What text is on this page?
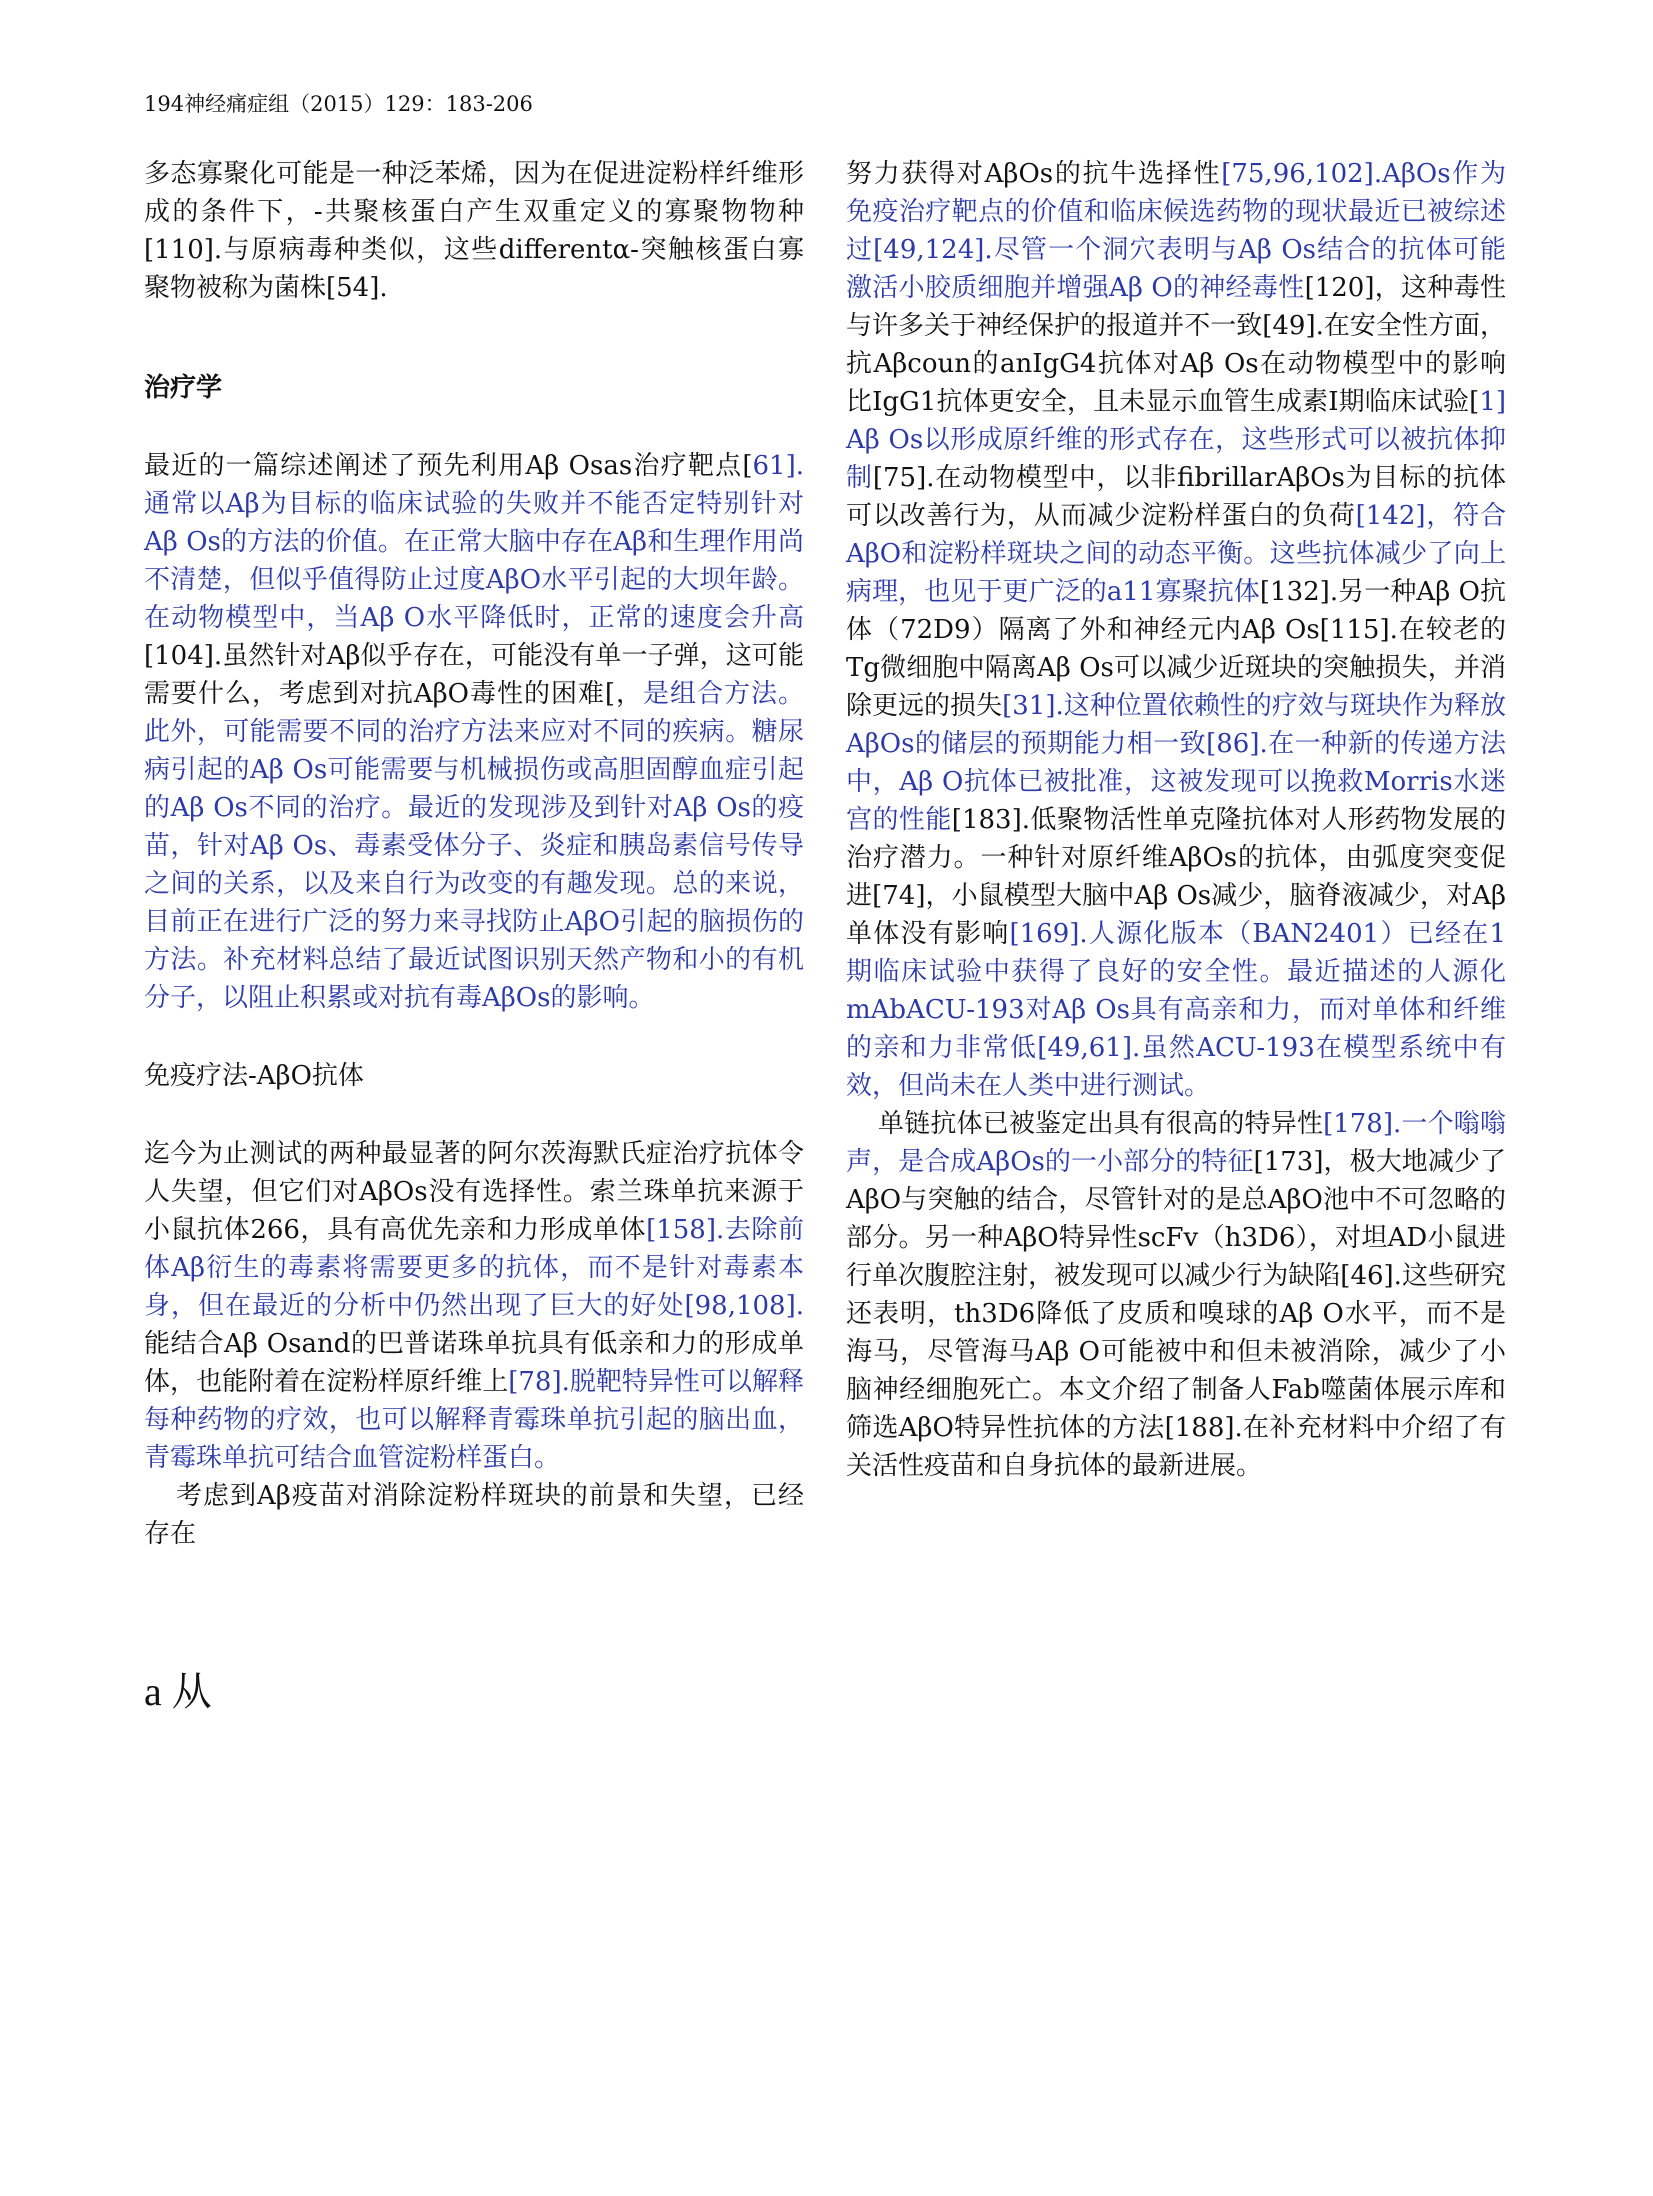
194神经痛症组（2015）129：183-206

多态寡聚化可能是一种泛苯烯，因为在促进淀粉样纤维形成的条件下，-共聚核蛋白产生双重定义的寡聚物物种[110].与原病毒种类似，这些differentα-突触核蛋白寡聚物被称为菌株[54].

治疗学

最近的一篇综述阐述了预先利用Aβ Osas治疗靶点[61].通常以Aβ为目标的临床试验的失败并不能否定特别针对Aβ Os的方法的价值。在正常大脑中存在Aβ和生理作用尚不清楚，但似乎值得防止过度AβO水平引起的大坝年龄。在动物模型中，当Aβ O水平降低时，正常的速度会升高[104].虽然针对Aβ似乎存在，可能没有单一子弹，这可能需要什么，考虑到对抗AβO毒性的困难[，是组合方法。此外，可能需要不同的治疗方法来应对不同的疾病。糖尿病引起的Aβ Os可能需要与机械损伤或高胆固醇血症引起的Aβ Os不同的治疗。最近的发现涉及到针对Aβ Os的疫苗，针对Aβ Os、毒素受体分子、炎症和胰岛素信号传导之间的关系，以及来自行为改变的有趣发现。总的来说，目前正在进行广泛的努力来寻找防止AβO引起的脑损伤的方法。补充材料总结了最近试图识别天然产物和小的有机分子，以阻止积累或对抗有毒AβOs的影响。

免疫疗法-AβO抗体

迄今为止测试的两种最显著的阿尔茨海默氏症治疗抗体令人失望，但它们对AβOs没有选择性。索兰珠单抗来源于小鼠抗体266，具有高优先亲和力形成单体[158].去除前体Aβ衍生的毒素将需要更多的抗体，而不是针对毒素本身，但在最近的分析中仍然出现了巨大的好处[98,108].能结合Aβ Osand的巴普诺珠单抗具有低亲和力的形成单体，也能附着在淀粉样原纤维上[78].脱靶特异性可以解释每种药物的疗效，也可以解释青霉珠单抗引起的脑出血，青霉珠单抗可结合血管淀粉样蛋白。

考虑到Aβ疫苗对消除淀粉样斑块的前景和失望，已经存在

努力获得对AβOs的抗牛选择性[75,96,102].AβOs作为免疫治疗靶点的价值和临床候选药物的现状最近已被综述过[49,124].尽管一个洞穴表明与Aβ Os结合的抗体可能激活小胶质细胞并增强Aβ O的神经毒性[120]，这种毒性与许多关于神经保护的报道并不一致[49].在安全性方面，抗Aβcoun的anIgG4抗体对Aβ Os在动物模型中的影响比IgG1抗体更安全，且未显示血管生成素I期临床试验[1] Aβ Os以形成原纤维的形式存在，这些形式可以被抗体抑制[75].在动物模型中，以非fibrillarAβOs为目标的抗体可以改善行为，从而减少淀粉样蛋白的负荷[142]，符合AβO和淀粉样斑块之间的动态平衡。这些抗体减少了向上病理，也见于更广泛的a11寡聚抗体[132].另一种Aβ O抗体（72D9）隔离了外和神经元内Aβ Os[115].在较老的Tg微细胞中隔离Aβ Os可以减少近斑块的突触损失，并消除更远的损失[31].这种位置依赖性的疗效与斑块作为释放AβOs的储层的预期能力相一致[86].在一种新的传递方法中，Aβ O抗体已被批准，这被发现可以挽救Morris水迷宫的性能[183].低聚物活性单克隆抗体对人形药物发展的治疗潜力。一种针对原纤维AβOs的抗体，由弧度突变促进[74]，小鼠模型大脑中Aβ Os减少，脑脊液减少，对Aβ单体没有影响[169].人源化版本（BAN2401）已经在1期临床试验中获得了良好的安全性。最近描述的人源化mAbACU-193对Aβ Os具有高亲和力，而对单体和纤维的亲和力非常低[49,61].虽然ACU-193在模型系统中有效，但尚未在人类中进行测试。

单链抗体已被鉴定出具有很高的特异性[178].一个嗡嗡声，是合成AβOs的一小部分的特征[173]，极大地减少了AβO与突触的结合，尽管针对的是总AβO池中不可忽略的部分。另一种AβO特异性scFv（h3D6），对坦AD小鼠进行单次腹腔注射，被发现可以减少行为缺陷[46].这些研究还表明，th3D6降低了皮质和嗅球的Aβ O水平，而不是海马，尽管海马Aβ O可能被中和但未被消除，减少了小脑神经细胞死亡。本文介绍了制备人Fab噬菌体展示库和筛选AβO特异性抗体的方法[188].在补充材料中介绍了有关活性疫苗和自身抗体的最新进展。

a 从
